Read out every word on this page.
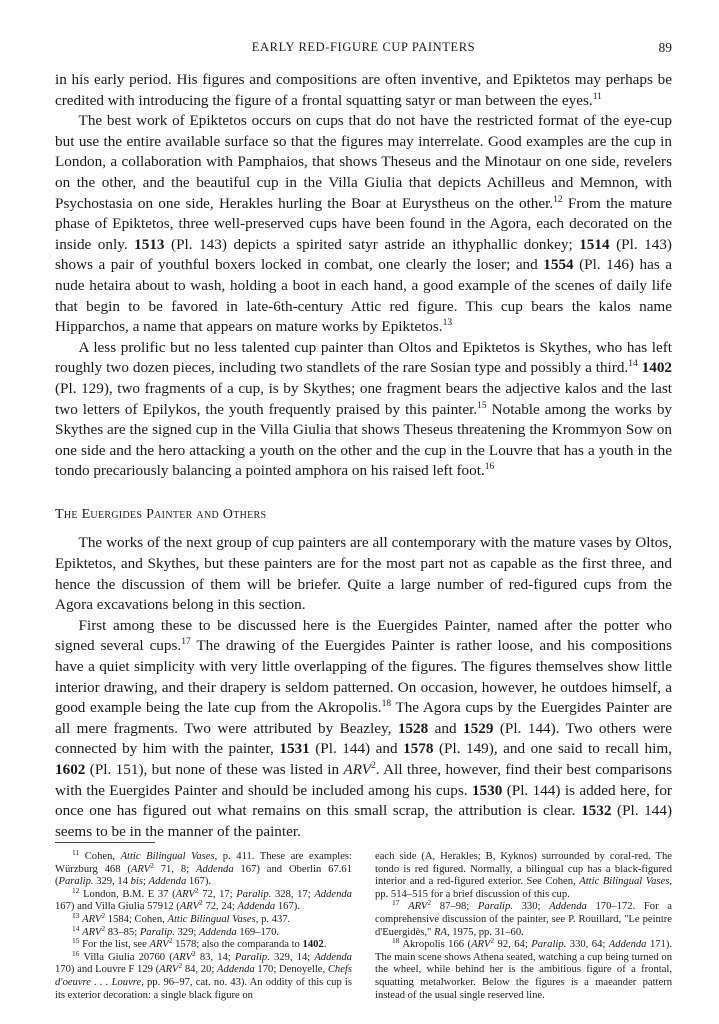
EARLY RED-FIGURE CUP PAINTERS	89

in his early period. His figures and compositions are often inventive, and Epiktetos may perhaps be credited with introducing the figure of a frontal squatting satyr or man between the eyes.$^{11}$

The best work of Epiktetos occurs on cups that do not have the restricted format of the eye-cup but use the entire available surface so that the figures may interrelate. Good examples are the cup in London, a collaboration with Pamphaios, that shows Theseus and the Minotaur on one side, revelers on the other, and the beautiful cup in the Villa Giulia that depicts Achilleus and Memnon, with Psychostasia on one side, Herakles hurling the Boar at Eurystheus on the other.$^{12}$ From the mature phase of Epiktetos, three well-preserved cups have been found in the Agora, each decorated on the inside only. 1513 (Pl. 143) depicts a spirited satyr astride an ithyphallic donkey; 1514 (Pl. 143) shows a pair of youthful boxers locked in combat, one clearly the loser; and 1554 (Pl. 146) has a nude hetaira about to wash, holding a boot in each hand, a good example of the scenes of daily life that begin to be favored in late-6th-century Attic red figure. This cup bears the kalos name Hipparchos, a name that appears on mature works by Epiktetos.$^{13}$

A less prolific but no less talented cup painter than Oltos and Epiktetos is Skythes, who has left roughly two dozen pieces, including two standlets of the rare Sosian type and possibly a third.$^{14}$ 1402 (Pl. 129), two fragments of a cup, is by Skythes; one fragment bears the adjective kalos and the last two letters of Epilykos, the youth frequently praised by this painter.$^{15}$ Notable among the works by Skythes are the signed cup in the Villa Giulia that shows Theseus threatening the Krommyon Sow on one side and the hero attacking a youth on the other and the cup in the Louvre that has a youth in the tondo precariously balancing a pointed amphora on his raised left foot.$^{16}$

The Euergides Painter and Others

The works of the next group of cup painters are all contemporary with the mature vases by Oltos, Epiktetos, and Skythes, but these painters are for the most part not as capable as the first three, and hence the discussion of them will be briefer. Quite a large number of red-figured cups from the Agora excavations belong in this section.

First among these to be discussed here is the Euergides Painter, named after the potter who signed several cups.$^{17}$ The drawing of the Euergides Painter is rather loose, and his compositions have a quiet simplicity with very little overlapping of the figures. The figures themselves show little interior drawing, and their drapery is seldom patterned. On occasion, however, he outdoes himself, a good example being the late cup from the Akropolis.$^{18}$ The Agora cups by the Euergides Painter are all mere fragments. Two were attributed by Beazley, 1528 and 1529 (Pl. 144). Two others were connected by him with the painter, 1531 (Pl. 144) and 1578 (Pl. 149), and one said to recall him, 1602 (Pl. 151), but none of these was listed in ARV$^2$. All three, however, find their best comparisons with the Euergides Painter and should be included among his cups. 1530 (Pl. 144) is added here, for once one has figured out what remains on this small scrap, the attribution is clear. 1532 (Pl. 144) seems to be in the manner of the painter.

$^{11}$ Cohen, Attic Bilingual Vases, p. 411. These are examples: Würzburg 468 (ARV$^2$ 71, 8; Addenda 167) and Oberlin 67.61 (Paralip. 329, 14 bis; Addenda 167).

$^{12}$ London, B.M. E 37 (ARV$^2$ 72, 17; Paralip. 328, 17; Addenda 167) and Villa Giulia 57912 (ARV$^2$ 72, 24; Addenda 167).

$^{13}$ ARV$^2$ 1584; Cohen, Attic Bilingual Vases, p. 437.

$^{14}$ ARV$^2$ 83–85; Paralip. 329; Addenda 169–170.

$^{15}$ For the list, see ARV$^2$ 1578; also the comparanda to 1402.

$^{16}$ Villa Giulia 20760 (ARV$^2$ 83, 14; Paralip. 329, 14; Addenda 170) and Louvre F 129 (ARV$^2$ 84, 20; Addenda 170; Denoyelle, Chefs d'oeuvre . . . Louvre, pp. 96–97, cat. no. 43). An oddity of this cup is its exterior decoration: a single black figure on

each side (A, Herakles; B, Kyknos) surrounded by coral-red. The tondo is red figured. Normally, a bilingual cup has a black-figured interior and a red-figured exterior. See Cohen, Attic Bilingual Vases, pp. 514–515 for a brief discussion of this cup.

$^{17}$ ARV$^2$ 87–98; Paralip. 330; Addenda 170–172. For a comprehensive discussion of the painter, see P. Rouillard, "Le peintre d'Euergidès," RA, 1975, pp. 31–60.

$^{18}$ Akropolis 166 (ARV$^2$ 92, 64; Paralip. 330, 64; Addenda 171). The main scene shows Athena seated, watching a cup being turned on the wheel, while behind her is the ambitious figure of a frontal, squatting metalworker. Below the figures is a maeander pattern instead of the usual single reserved line.
